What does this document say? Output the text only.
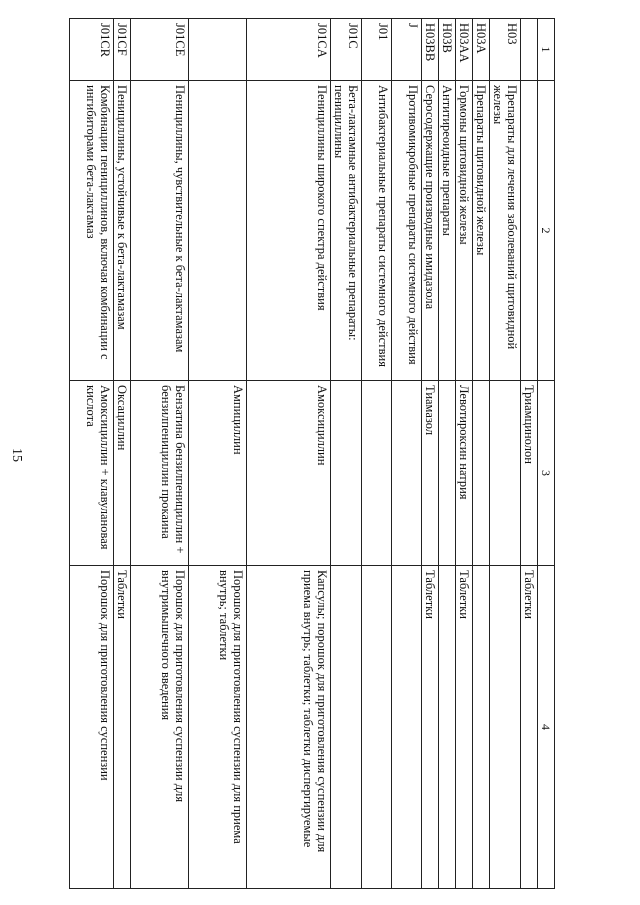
15
1	2	3	4
		Триамцинолон	Таблетки
H03	Препараты для лечения заболеваний щитовидной железы		
H03A	Препараты щитовидной железы		
H03AA	Гормоны щитовидной железы	Левотироксин натрия	Таблетки
H03B	Антитиреоидные препараты		
H03BB	Серосодержащие производные имидазола	Тиамазол	Таблетки
J	Противомикробные препараты системного действия		
J01	Антибактериальные препараты системного действия		
J01C	Бета-лактамные антибактериальные препараты: пенициллины		
J01CA	Пенициллины широкого спектра действия	Амоксициллин	Капсулы; порошок для приготовления суспензии для приема внутрь; таблетки; таблетки диспергируемые
		Ампициллин	Порошок для приготовления суспензии для приема внутрь; таблетки
J01CE	Пенициллины, чувствительные к бета-лактамазам	Бензатина бензилпенициллин + бензилпенициллин прокаина	Порошок для приготовления суспензии для внутримышечного введения
J01CF	Пенициллины, устойчивые к бета-лактамазам	Оксациллин	Таблетки
J01CR	Комбинации пенициллинов, включая комбинации с ингибиторами бета-лактамаз	Амоксициллин + клавулановая кислота	Порошок для приготовления суспензии
